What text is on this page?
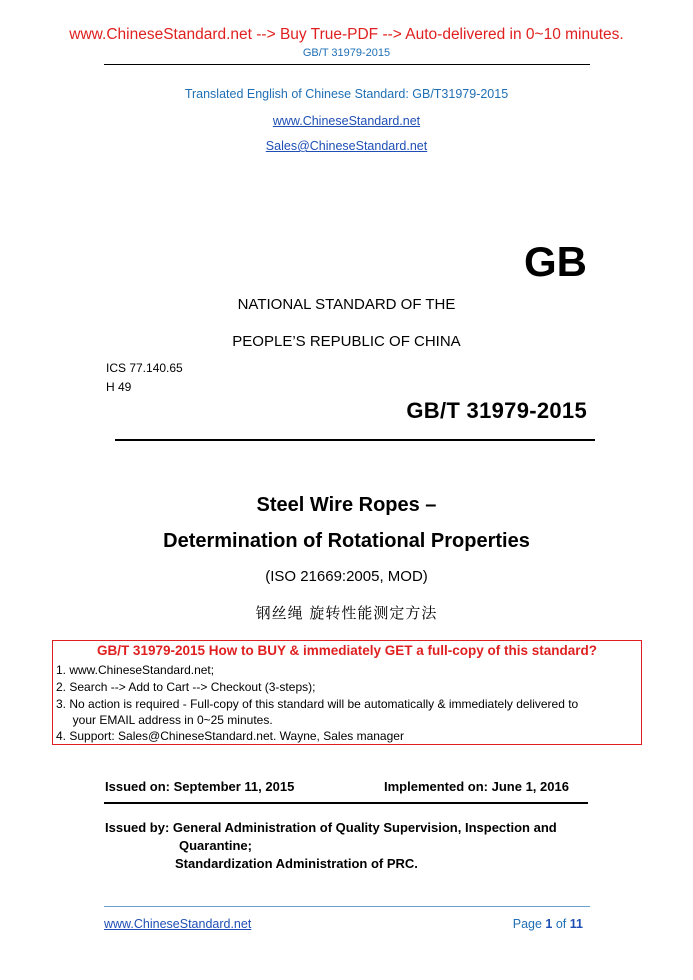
www.ChineseStandard.net --> Buy True-PDF --> Auto-delivered in 0~10 minutes.
GB/T 31979-2015
Translated English of Chinese Standard: GB/T31979-2015
www.ChineseStandard.net
Sales@ChineseStandard.net
GB
NATIONAL STANDARD OF THE
PEOPLE’S REPUBLIC OF CHINA
ICS 77.140.65
H 49
GB/T 31979-2015
Steel Wire Ropes –
Determination of Rotational Properties
(ISO 21669:2005, MOD)
钢丝绳 旋转性能测定方法
GB/T 31979-2015 How to BUY & immediately GET a full-copy of this standard?
1. www.ChineseStandard.net;
2. Search --> Add to Cart --> Checkout (3-steps);
3. No action is required - Full-copy of this standard will be automatically & immediately delivered to
your EMAIL address in 0~25 minutes.
4. Support: Sales@ChineseStandard.net. Wayne, Sales manager
Issued on: September 11, 2015	Implemented on: June 1, 2016
Issued by: General Administration of Quality Supervision, Inspection and
Quarantine;
Standardization Administration of PRC.
www.ChineseStandard.net	Page 1 of 11
